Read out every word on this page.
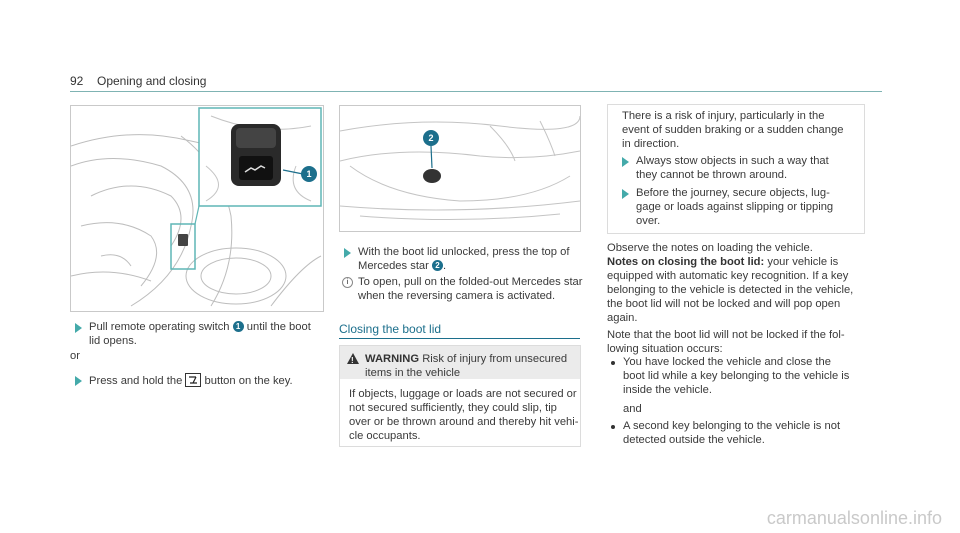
92 Opening and closing
1
2
Pull remote operating switch 1 until the boot
lid opens.
or
Press and hold the button on the key.
With the boot lid unlocked, press the top of
Mercedes star 2 .
i To open, pull on the folded-out Mercedes star
when the reversing camera is activated.
Closing the boot lid
!
WARNING Risk of injury from unsecured
items in the vehicle
If objects, luggage or loads are not secured or
not secured sufficiently, they could slip, tip
over or be thrown around and thereby hit vehi-
cle occupants.
There is a risk of injury, particularly in the
event of sudden braking or a sudden change
in direction.
Always stow objects in such a way that
they cannot be thrown around.
Before the journey, secure objects, lug-
gage or loads against slipping or tipping
over.
Observe the notes on loading the vehicle.
Notes on closing the boot lid: your vehicle is
equipped with automatic key recognition. If a key
belonging to the vehicle is detected in the vehicle,
the boot lid will not be locked and will pop open
again.
Note that the boot lid will not be locked if the fol-
lowing situation occurs:
You have locked the vehicle and close the
boot lid while a key belonging to the vehicle is
inside the vehicle.
and
A second key belonging to the vehicle is not
detected outside the vehicle.
carmanualsonline.info
